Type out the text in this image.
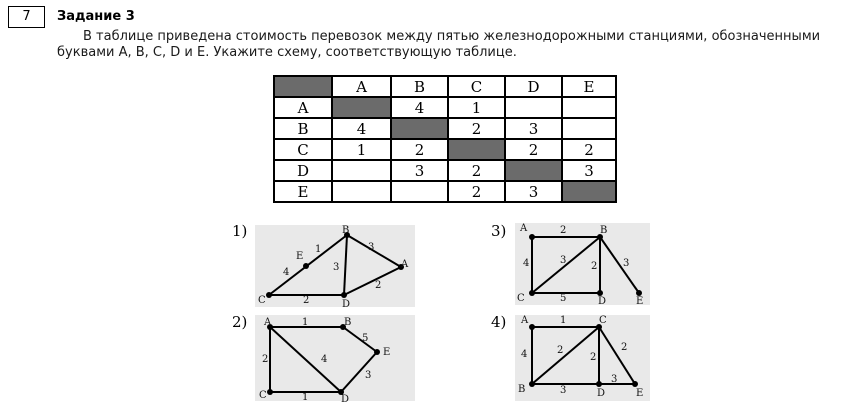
7	Задание 3
В таблице приведена стоимость перевозок между пятью железнодорожными станциями, обозначенными буквами A, B, C, D и E. Укажите схему, соответствующую таблице.
	A	B	C	D	E
A		4	1		
B	4		2	3	
C	1	2		2	2
D		3	2		3
E			2	3	
1)	B
E
A
C	D
1
4
3
3
2
2
2) A	B
E
C	D
1
5
2	4
3
1
3) A	B
C	D	E
2
4	3
2	3
5
4) A	C
B	D	E
1
4	2
2
2
3
3
